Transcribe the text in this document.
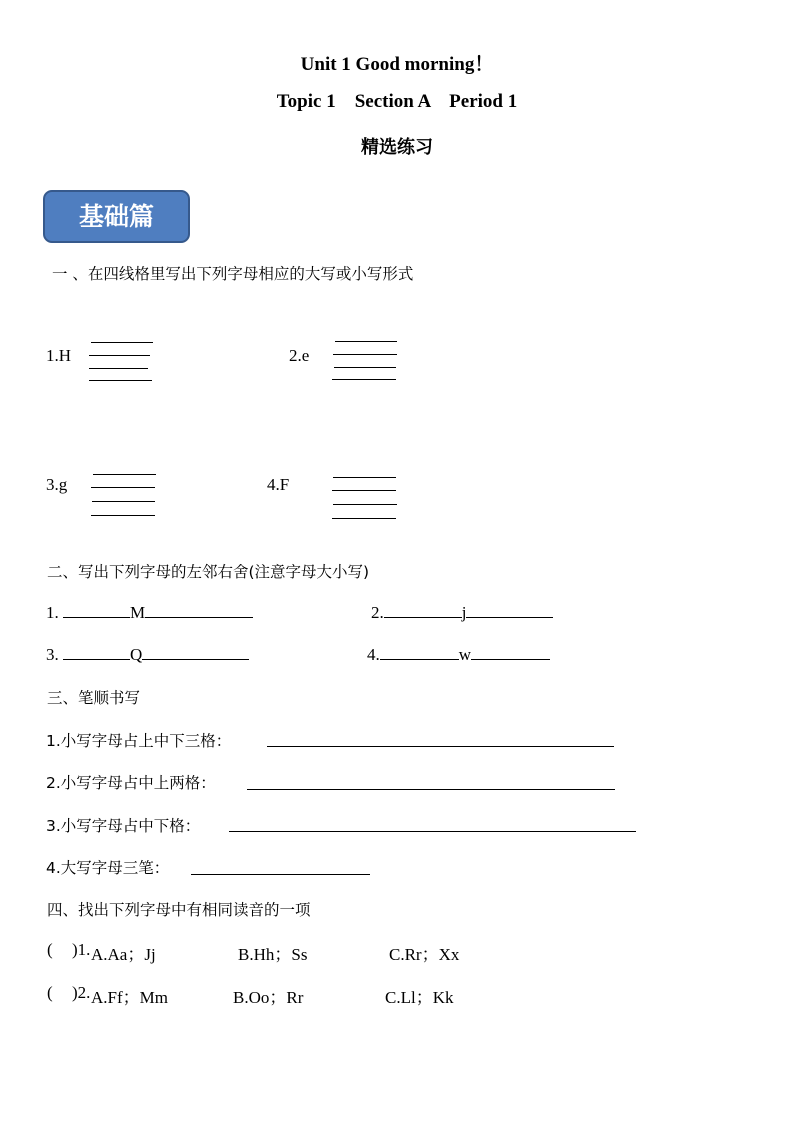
Unit 1 Good morning！
Topic 1    Section A    Period 1
精选练习
基础篇
一 、在四线格里写出下列字母相应的大写或小写形式
1.H	2.e
3.g	4.F
二、写出下列字母的左邻右舍(注意字母大小写)
1.	M	2.	j
3.	Q	4.	w
三、笔顺书写
1.小写字母占上中下三格：
2.小写字母占中上两格：
3.小写字母占中下格：
4.大写字母三笔：
四、找出下列字母中有相同读音的一项
( )1. A.Aa；Jj	B.Hh；Ss	C.Rr；Xx
( )2. A.Ff；Mm	B.Oo；Rr	C.Ll；Kk
